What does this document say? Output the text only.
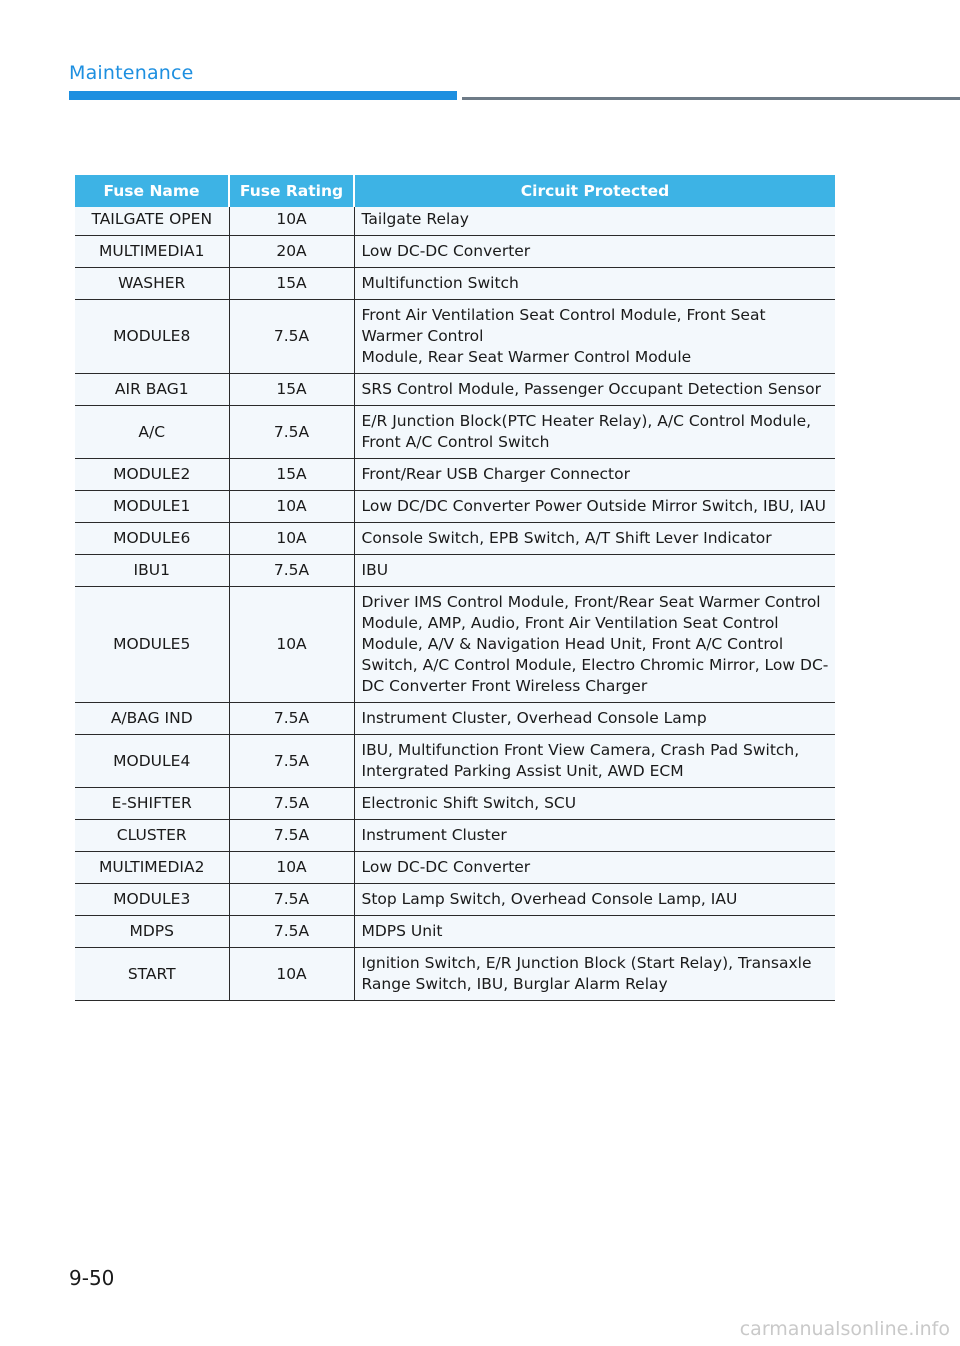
Maintenance
Fuse Name	Fuse Rating	Circuit Protected
TAILGATE OPEN	10A	Tailgate Relay
MULTIMEDIA1	20A	Low DC-DC Converter
WASHER	15A	Multifunction Switch
MODULE8	7.5A	Front Air Ventilation Seat Control Module, Front Seat Warmer Control
Module, Rear Seat Warmer Control Module
AIR BAG1	15A	SRS Control Module, Passenger Occupant Detection Sensor
A/C	7.5A	E/R Junction Block(PTC Heater Relay), A/C Control Module, Front A/C Control Switch
MODULE2	15A	Front/Rear USB Charger Connector
MODULE1	10A	Low DC/DC Converter Power Outside Mirror Switch, IBU, IAU
MODULE6	10A	Console Switch, EPB Switch, A/T Shift Lever Indicator
IBU1	7.5A	IBU
MODULE5	10A	Driver IMS Control Module, Front/Rear Seat Warmer Control Module, AMP, Audio, Front Air Ventilation Seat Control Module, A/V & Navigation Head Unit, Front A/C Control Switch, A/C Control Module, Electro Chromic Mirror, Low DC-DC Converter Front Wireless Charger
A/BAG IND	7.5A	Instrument Cluster, Overhead Console Lamp
MODULE4	7.5A	IBU, Multifunction Front View Camera, Crash Pad Switch, Intergrated Parking Assist Unit, AWD ECM
E-SHIFTER	7.5A	Electronic Shift Switch, SCU
CLUSTER	7.5A	Instrument Cluster
MULTIMEDIA2	10A	Low DC-DC Converter
MODULE3	7.5A	Stop Lamp Switch, Overhead Console Lamp, IAU
MDPS	7.5A	MDPS Unit
START	10A	Ignition Switch, E/R Junction Block (Start Relay), Transaxle Range Switch, IBU, Burglar Alarm Relay
9-50
carmanualsonline.info
